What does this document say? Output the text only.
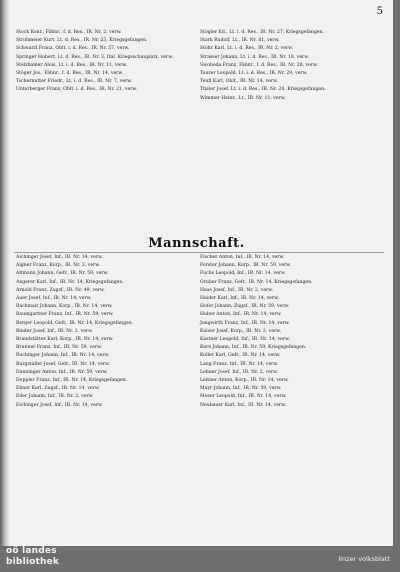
5
Stock Konr., Fähnr., f. d. Res., IR. Nr. 2, verw.
Strohmeier Kurt, Lt. d. Res., IR. Nr. 23, Kriegsgefangen.
Schwarzl Franz, Oblt. i. d. Res., IR. Nr. 57, verw.
Springer Hubert, Lt. d. Res., IR. Nr. 3, Ital. Kriegsschauplatz, verw.
Stelzhamer Alois, Lt. i. d. Res., IR. Nr. 11, verw.
Stöger Jos., Fähnr., f. d. Res., IR. Nr. 14, verw.
Tschernutter Friedr., Lt. i. d. Res., IR. Nr. 7, verw.
Unterberger Franz, Oblt. i. d. Res., IR. Nr. 21, verw.
Stögler Ed., Lt. i. d. Res., IR. Nr. 27, Kriegsgefangen.
Stark Rudolf, Lt., IR. Nr. 81, verw.
Stöhr Karl, Lt. i. d. Res., IR. Nr. 2, verw.
Strasser Johann, Lt. i. d. Res., IR. Nr. 18, verw.
Swoboda Franz, Fähnr., f. d. Res., IR. Nr. 28, verw.
Taurer Leopold, Lt. i. d. Res., IR. Nr. 29, verw.
Teufl Karl, Oblt., IR. Nr. 14, verw.
Thaler Josef, Lt. i. d. Res., IR. Nr. 20, Kriegsgefangen.
Wimmer Heinr., Lt., IR. Nr. 11, verw.
Mannschaft.
Aichinger Josef, Inf., IR. Nr. 14, verw.
Aigner Franz, Korp., IR. Nr. 2, verw.
Altmann Johann, Gefr., IR. Nr. 59, verw.
Angerer Karl, Inf., IR. Nr. 14, Kriegsgefangen.
Arnold Franz, Zugsf., IR. Nr. 49, verw.
Auer Josef, Inf., IR. Nr. 14, verw.
Bachmair Johann, Korp., IR. Nr. 14, verw.
Baumgartner Franz, Inf., IR. Nr. 59, verw.
Berger Leopold, Gefr., IR. Nr. 14, Kriegsgefangen.
Binder Josef, Inf., IR. Nr. 2, verw.
Brandstätter Karl, Korp., IR. Nr. 14, verw.
Brunner Franz, Inf., IR. Nr. 59, verw.
Buchinger Johann, Inf., IR. Nr. 14, verw.
Burgstaller Josef, Gefr., IR. Nr. 14, verw.
Danninger Anton, Inf., IR. Nr. 59, verw.
Doppler Franz, Inf., IR. Nr. 14, Kriegsgefangen.
Ebner Karl, Zugsf., IR. Nr. 14, verw.
Eder Johann, Inf., IR. Nr. 2, verw.
Eichinger Josef, Inf., IR. Nr. 14, verw.
Fischer Anton, Inf., IR. Nr. 14, verw.
Forster Johann, Korp., IR. Nr. 59, verw.
Fuchs Leopold, Inf., IR. Nr. 14, verw.
Gruber Franz, Gefr., IR. Nr. 14, Kriegsgefangen.
Haas Josef, Inf., IR. Nr. 2, verw.
Haider Karl, Inf., IR. Nr. 14, verw.
Hofer Johann, Zugsf., IR. Nr. 59, verw.
Huber Anton, Inf., IR. Nr. 14, verw.
Jungwirth Franz, Inf., IR. Nr. 14, verw.
Kaiser Josef, Korp., IR. Nr. 2, verw.
Kastner Leopold, Inf., IR. Nr. 14, verw.
Kern Johann, Inf., IR. Nr. 59, Kriegsgefangen.
Koller Karl, Gefr., IR. Nr. 14, verw.
Lang Franz, Inf., IR. Nr. 14, verw.
Lehner Josef, Inf., IR. Nr. 2, verw.
Leitner Anton, Korp., IR. Nr. 14, verw.
Mayr Johann, Inf., IR. Nr. 59, verw.
Moser Leopold, Inf., IR. Nr. 14, verw.
Neubauer Karl, Inf., IR. Nr. 14, verw.
oö landes
bibliothek	linzer volksblatt
